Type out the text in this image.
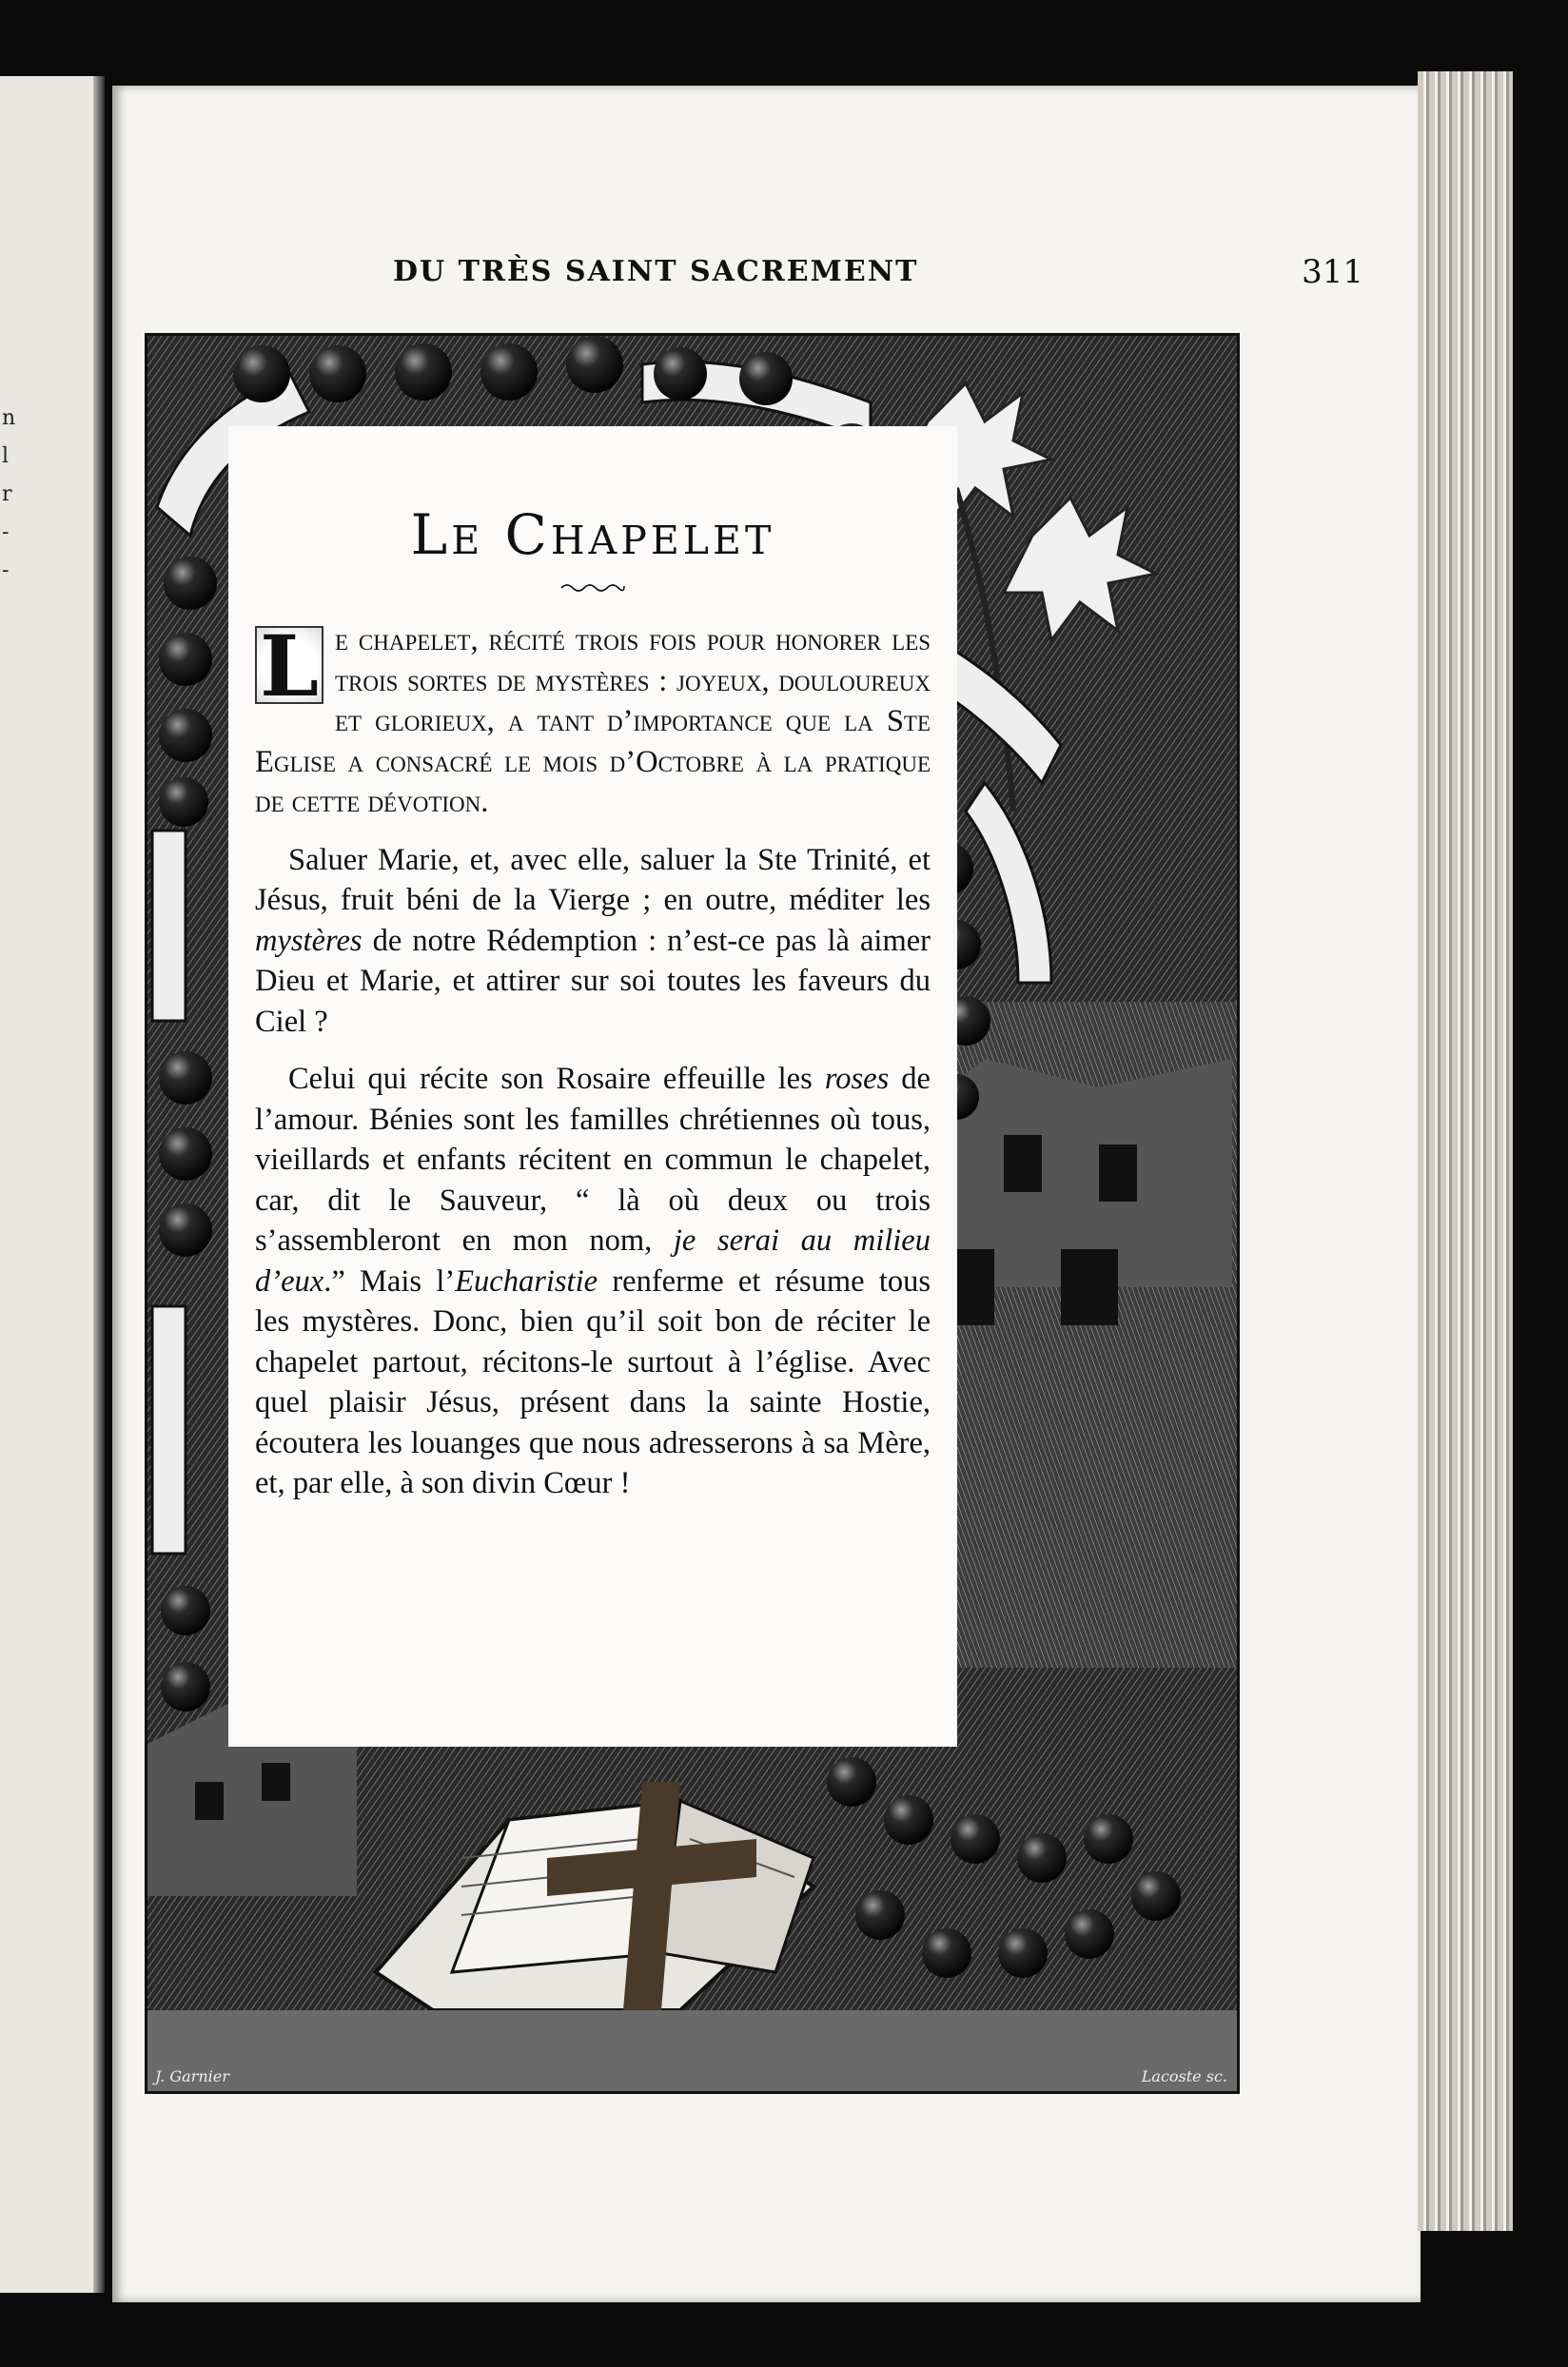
n
l
r
-
-
DU TRÈS SAINT SACREMENT	311
J. Garnier	Lacoste sc.
Le Chapelet

L e chapelet, récité trois fois pour honorer les trois sortes de mystères : joyeux, douloureux et glorieux, a tant d’importance que la Ste Eglise a consacré le mois d’Octobre à la pratique de cette dévotion.

Saluer Marie, et, avec elle, saluer la Ste Trinité, et Jésus, fruit béni de la Vierge ; en outre, méditer les mystères de notre Rédemption : n’est-ce pas là aimer Dieu et Marie, et attirer sur soi toutes les faveurs du Ciel ?

Celui qui récite son Rosaire effeuille les roses de l’amour. Bénies sont les familles chrétiennes où tous, vieillards et enfants récitent en commun le chapelet, car, dit le Sauveur, “ là où deux ou trois s’assembleront en mon nom, je serai au milieu d’eux.” Mais l’Eucharistie renferme et résume tous les mystères. Donc, bien qu’il soit bon de réciter le chapelet partout, récitons-le surtout à l’église. Avec quel plaisir Jésus, présent dans la sainte Hostie, écoutera les louanges que nous adresserons à sa Mère, et, par elle, à son divin Cœur !
